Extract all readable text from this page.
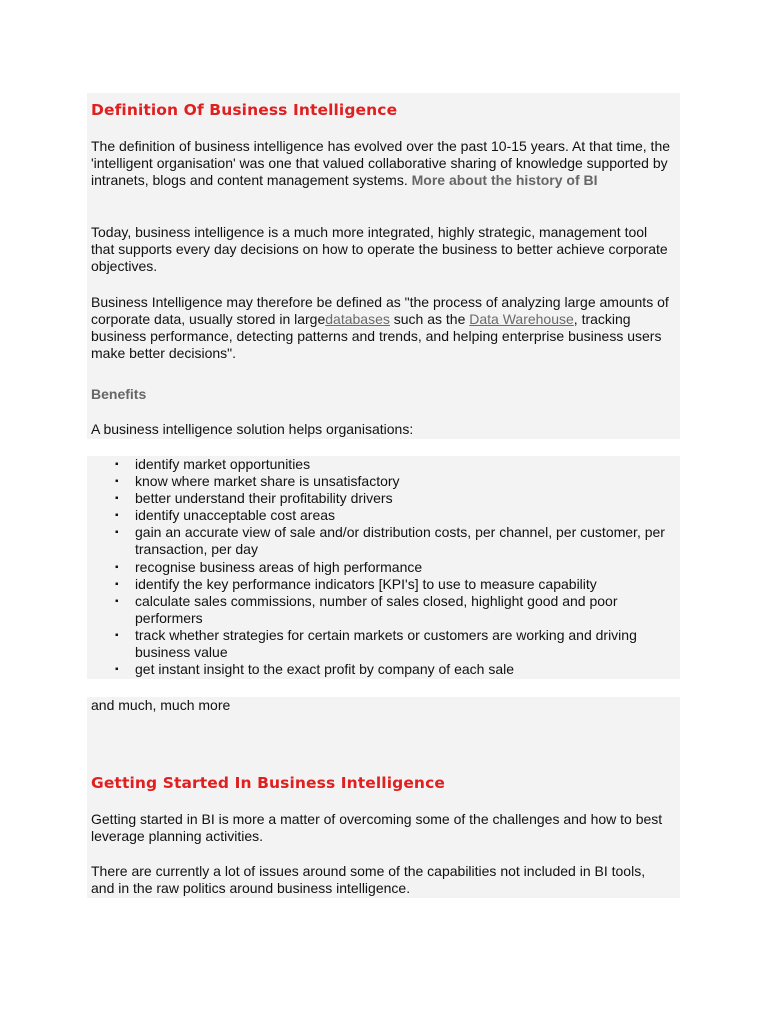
Definition Of Business Intelligence

The definition of business intelligence has evolved over the past 10-15 years. At that time, the 'intelligent organisation' was one that valued collaborative sharing of knowledge supported by intranets, blogs and content management systems. More about the history of BI

Today, business intelligence is a much more integrated, highly strategic, management tool that supports every day decisions on how to operate the business to better achieve corporate objectives.

Business Intelligence may therefore be defined as "the process of analyzing large amounts of corporate data, usually stored in largedatabases such as the Data Warehouse, tracking business performance, detecting patterns and trends, and helping enterprise business users make better decisions".

Benefits

A business intelligence solution helps organisations:

▪ identify market opportunities
▪ know where market share is unsatisfactory
▪ better understand their profitability drivers
▪ identify unacceptable cost areas
▪ gain an accurate view of sale and/or distribution costs, per channel, per customer, per transaction, per day
▪ recognise business areas of high performance
▪ identify the key performance indicators [KPI's] to use to measure capability
▪ calculate sales commissions, number of sales closed, highlight good and poor performers
▪ track whether strategies for certain markets or customers are working and driving business value
▪ get instant insight to the exact profit by company of each sale

and much, much more

Getting Started In Business Intelligence

Getting started in BI is more a matter of overcoming some of the challenges and how to best leverage planning activities.

There are currently a lot of issues around some of the capabilities not included in BI tools, and in the raw politics around business intelligence.
